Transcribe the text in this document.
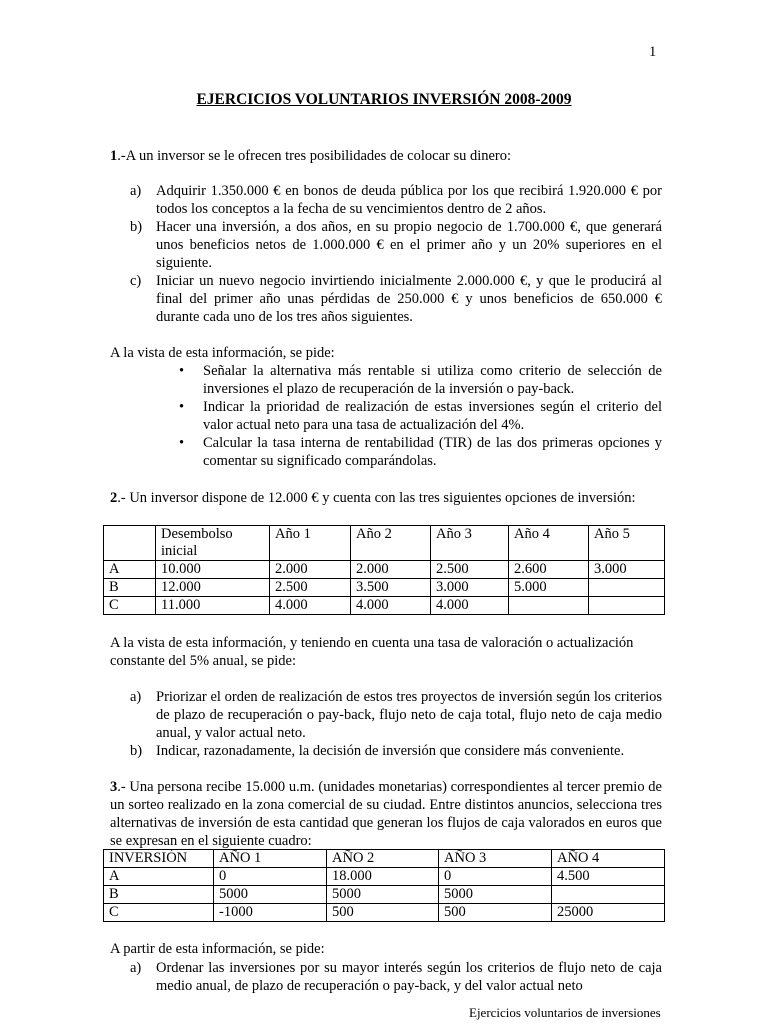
1
EJERCICIOS VOLUNTARIOS INVERSIÓN 2008-2009
1.-A un inversor se le ofrecen tres posibilidades de colocar su dinero:
a) Adquirir 1.350.000 € en bonos de deuda pública por los que recibirá 1.920.000 € por todos los conceptos a la fecha de su vencimientos dentro de 2 años.
b) Hacer una inversión, a dos años, en su propio negocio de 1.700.000 €, que generará unos beneficios netos de 1.000.000 € en el primer año y un 20% superiores en el siguiente.
c) Iniciar un nuevo negocio invirtiendo inicialmente 2.000.000 €, y que le producirá al final del primer año unas pérdidas de 250.000 € y unos beneficios de 650.000 € durante cada uno de los tres años siguientes.
A la vista de esta información, se pide:
• Señalar la alternativa más rentable si utiliza como criterio de selección de inversiones el plazo de recuperación de la inversión o pay-back.
• Indicar la prioridad de realización de estas inversiones según el criterio del valor actual neto para una tasa de actualización del 4%.
• Calcular la tasa interna de rentabilidad (TIR) de las dos primeras opciones y comentar su significado comparándolas.
2.- Un inversor dispone de 12.000 € y cuenta con las tres siguientes opciones de inversión:
	Desembolso inicial	Año 1	Año 2	Año 3	Año 4	Año 5
A	10.000	2.000	2.000	2.500	2.600	3.000
B	12.000	2.500	3.500	3.000	5.000	
C	11.000	4.000	4.000	4.000		
A la vista de esta información, y teniendo en cuenta una tasa de valoración o actualización constante del 5% anual, se pide:
a) Priorizar el orden de realización de estos tres proyectos de inversión según los criterios de plazo de recuperación o pay-back, flujo neto de caja total, flujo neto de caja medio anual, y valor actual neto.
b) Indicar, razonadamente, la decisión de inversión que considere más conveniente.
3.- Una persona recibe 15.000 u.m. (unidades monetarias) correspondientes al tercer premio de un sorteo realizado en la zona comercial de su ciudad. Entre distintos anuncios, selecciona tres alternativas de inversión de esta cantidad que generan los flujos de caja valorados en euros que se expresan en el siguiente cuadro:
INVERSIÓN	AÑO 1	AÑO 2	AÑO 3	AÑO 4
A	0	18.000	0	4.500
B	5000	5000	5000	
C	-1000	500	500	25000
A partir de esta información, se pide:
a) Ordenar las inversiones por su mayor interés según los criterios de flujo neto de caja medio anual, de plazo de recuperación o pay-back, y del valor actual neto
Ejercicios voluntarios de inversiones
